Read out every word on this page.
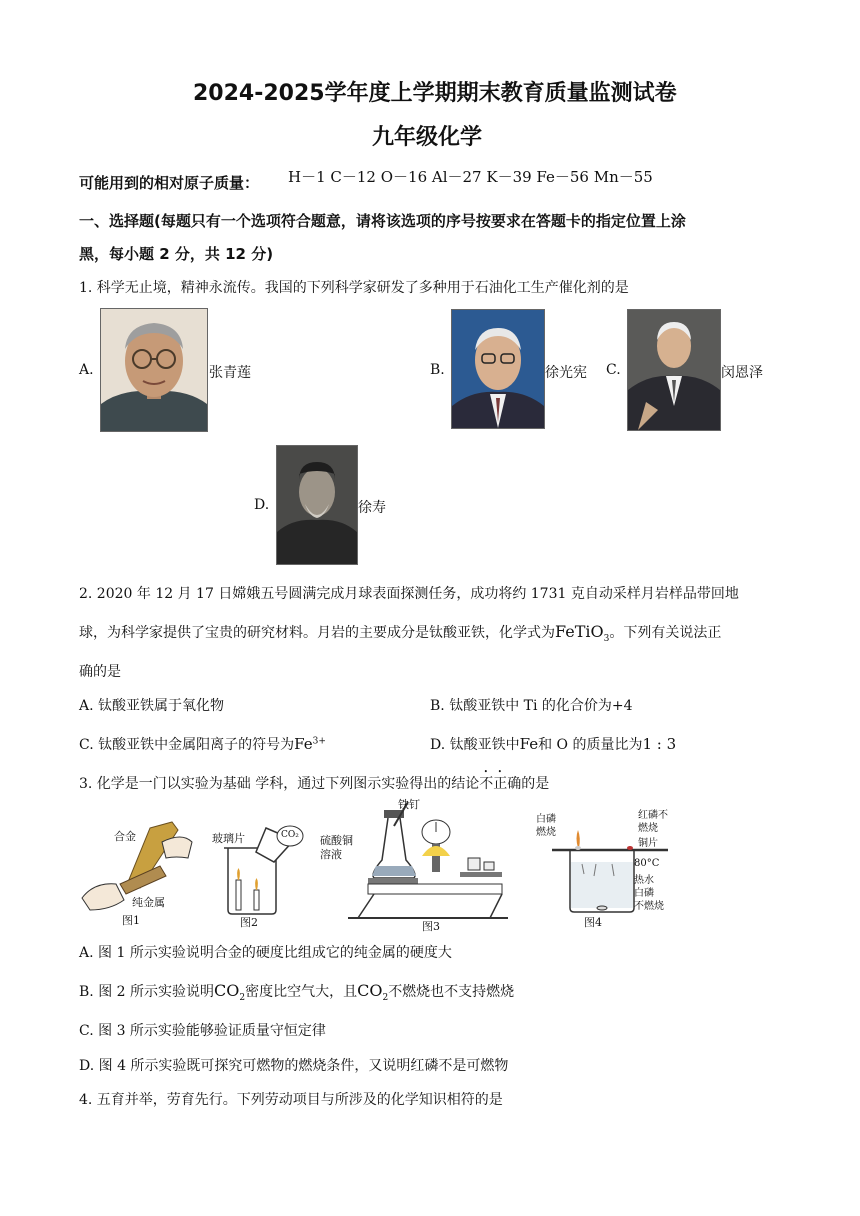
2024-2025学年度上学期期末教育质量监测试卷
九年级化学
可能用到的相对原子质量： H－1 C－12 O－16 Al－27 K－39 Fe－56 Mn－55
一、选择题(每题只有一个选项符合题意，请将该选项的序号按要求在答题卡的指定位置上涂
黑，每小题 2 分，共 12 分)
1. 科学无止境，精神永流传。我国的下列科学家研发了多种用于石油化工生产催化剂的是
A.	张青莲	B.	徐光宪 C.	闵恩泽
D.	徐寿
2. 2020 年 12 月 17 日嫦娥五号圆满完成月球表面探测任务，成功将约 1731 克自动采样月岩样品带回地
球，为科学家提供了宝贵的研究材料。月岩的主要成分是钛酸亚铁，化学式为FeTiO$_3$。下列有关说法正
确的是
A. 钛酸亚铁属于氧化物	B. 钛酸亚铁中 Ti 的化合价为+4
C. 钛酸亚铁中金属阳离子的符号为$Fe^{3+}$	D. 钛酸亚铁中Fe和 O 的质量比为1 : 3
3. 化学是一门以实验为基础 学科，通过下列图示实验得出的结论不正确的是
合金
纯金属
图1
玻璃片	CO₂
图2
铁钉
硫酸铜
溶液
图3
白磷
燃烧
红磷不
燃烧
铜片
80°C
热水
白磷
不燃烧
图4
A. 图 1 所示实验说明合金的硬度比组成它的纯金属的硬度大
B. 图 2 所示实验说明$CO_2$密度比空气大，且$CO_2$不燃烧也不支持燃烧
C. 图 3 所示实验能够验证质量守恒定律
D. 图 4 所示实验既可探究可燃物的燃烧条件，又说明红磷不是可燃物
4. 五育并举，劳育先行。下列劳动项目与所涉及的化学知识相符的是
